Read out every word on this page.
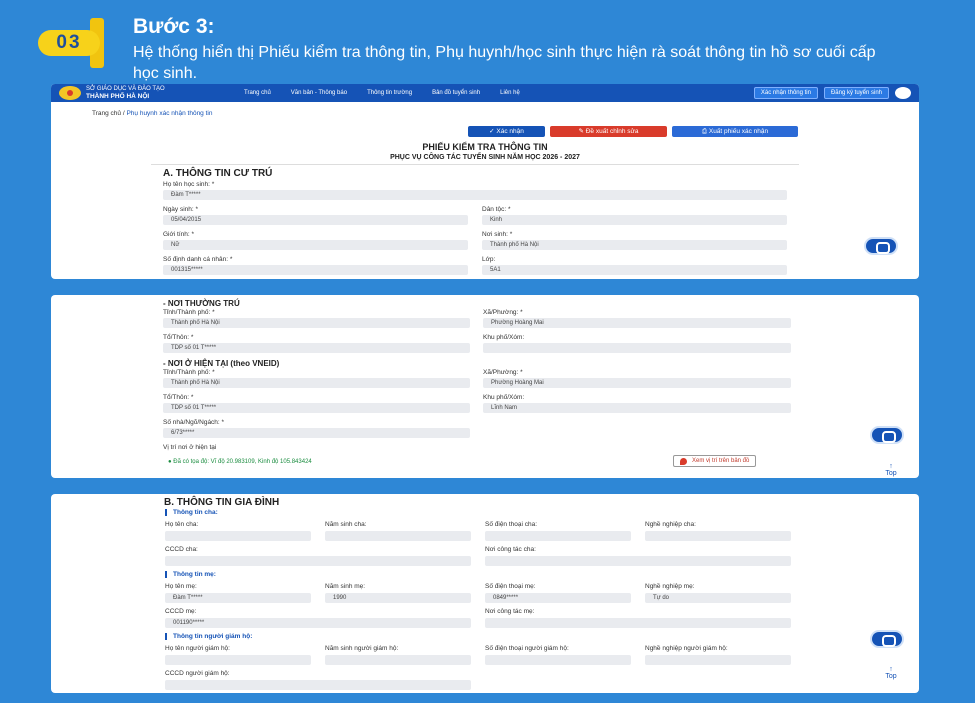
03
Bước 3:
Hệ thống hiển thị Phiếu kiểm tra thông tin, Phụ huynh/học sinh thực hiện rà soát thông tin hồ sơ cuối cấp học sinh.
SỞ GIÁO DỤC VÀ ĐÀO TẠO
THÀNH PHỐ HÀ NỘI	Trang chủ	Văn bản - Thông báo	Thông tin trường	Bản đồ tuyển sinh	Liên hệ	Xác nhận thông tin	Đăng ký tuyển sinh
Trang chủ / Phụ huynh xác nhận thông tin
✓ Xác nhận	✎ Đề xuất chỉnh sửa	⎙ Xuất phiếu xác nhận
PHIẾU KIỂM TRA THÔNG TIN
PHỤC VỤ CÔNG TÁC TUYỂN SINH NĂM HỌC 2026 - 2027
A. THÔNG TIN CƯ TRÚ
Họ tên học sinh: *
Đàm T*****
Ngày sinh: *
05/04/2015
Dân tộc: *
Kinh
Giới tính: *
Nữ
Nơi sinh: *
Thành phố Hà Nội
Số định danh cá nhân: *
001315*****
Lớp:
5A1
- NƠI THƯỜNG TRÚ
Tỉnh/Thành phố: *
Thành phố Hà Nội
Xã/Phường: *
Phường Hoàng Mai
Tổ/Thôn: *
TDP số 01 T*****
Khu phố/Xóm:
- NƠI Ở HIỆN TẠI (theo VNEID)
Tỉnh/Thành phố: *
Thành phố Hà Nội
Xã/Phường: *
Phường Hoàng Mai
Tổ/Thôn: *
TDP số 01 T*****
Khu phố/Xóm:
Lĩnh Nam
Số nhà/Ngõ/Ngách: *
6/73*****
Vị trí nơi ở hiện tại
● Đã có tọa độ: Vĩ độ 20.983109, Kinh độ 105.843424	Xem vị trí trên bản đồ
↑
Top
B. THÔNG TIN GIA ĐÌNH
Thông tin cha:
Họ tên cha:	Năm sinh cha:	Số điện thoại cha:	Nghề nghiệp cha:
CCCD cha:	Nơi công tác cha:
Thông tin mẹ:
Họ tên mẹ:
Đàm T*****
Năm sinh mẹ:
1990
Số điện thoại mẹ:
0849*****
Nghề nghiệp mẹ:
Tự do
CCCD mẹ:
001190*****
Nơi công tác mẹ:
Thông tin người giám hộ:
Họ tên người giám hộ:	Năm sinh người giám hộ:	Số điện thoại người giám hộ:	Nghề nghiệp người giám hộ:
CCCD người giám hộ:
↑
Top
